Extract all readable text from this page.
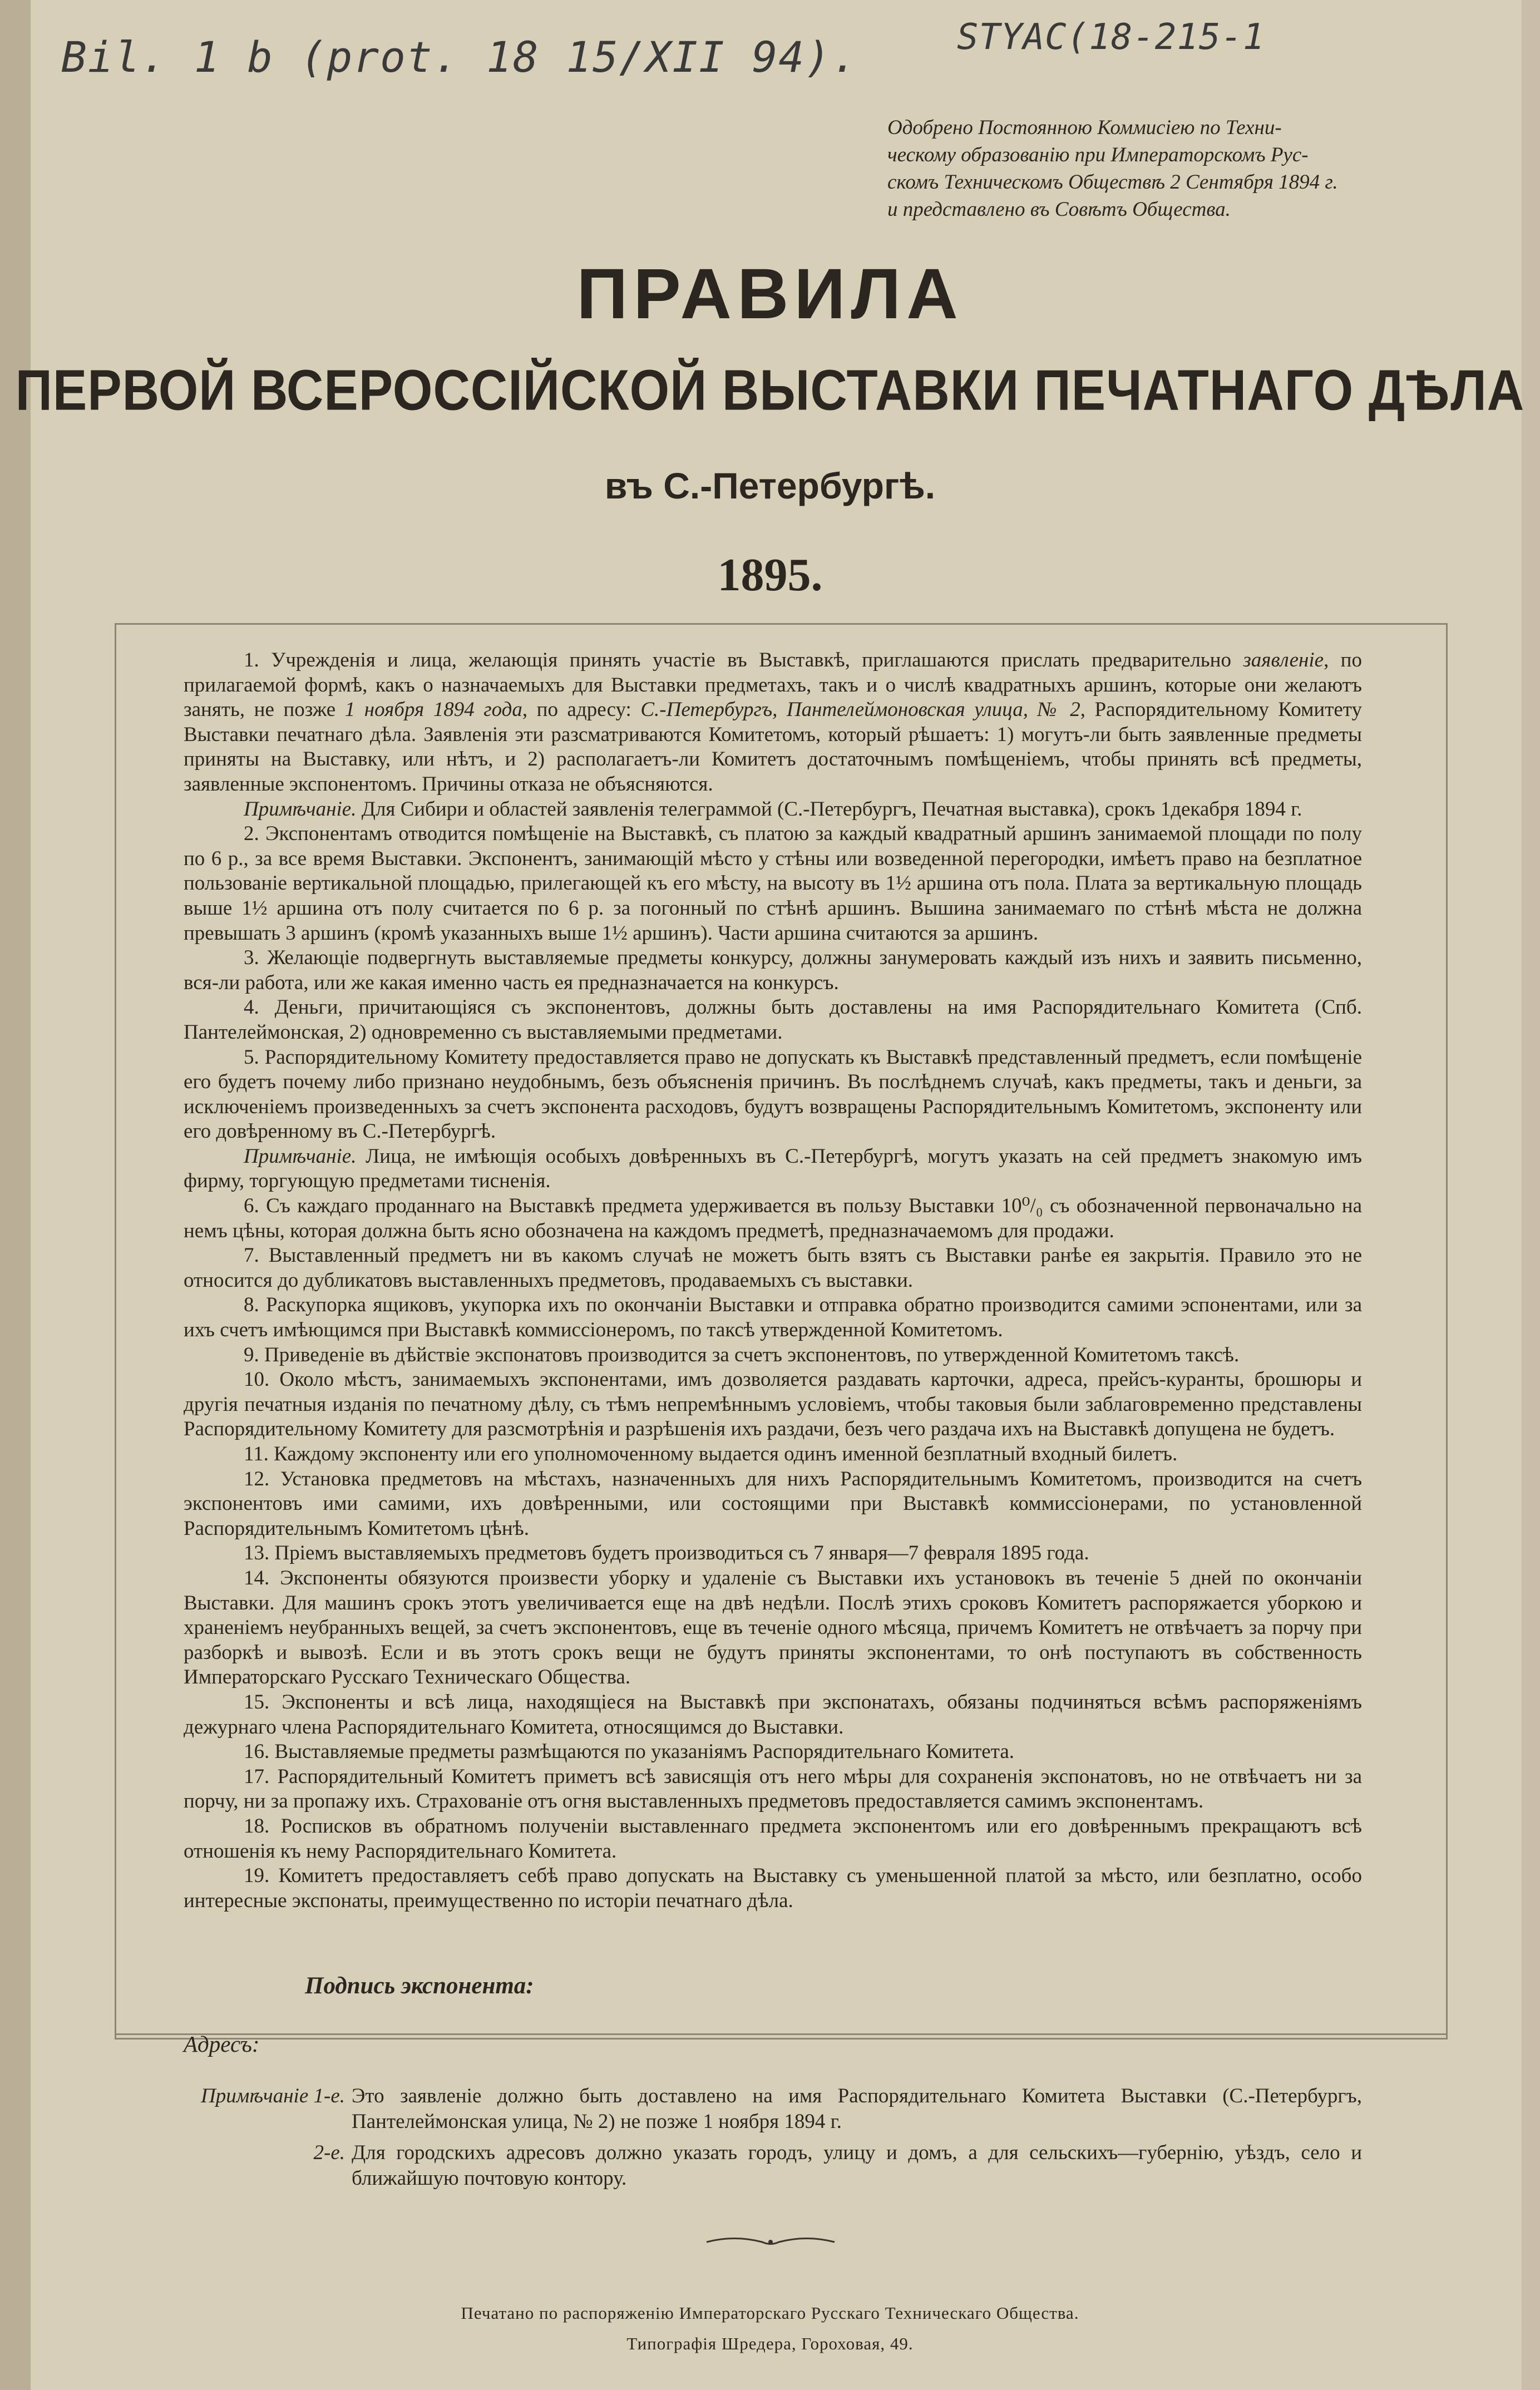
Bil. 1 b (prot. 18 15/XII 94).	STYAC(18-215-1
Одобрено Постоянною Коммисiею по Техни-
ческому образованiю при Императорскомъ Рус-
скомъ Техническомъ Обществѣ 2 Сентября 1894 г.
и представлено въ Совѣтъ Общества.
ПРАВИЛА
ПЕРВОЙ ВСЕРОССIЙСКОЙ ВЫСТАВКИ ПЕЧАТНАГО ДѢЛА
въ С.-Петербургѣ.
1895.

1. Учрежденiя и лица, желающiя принять участie въ Выставкѣ, приглашаются прислать предварительно заявленie, по прилагаемой формѣ, какъ о назначаемыхъ для Выставки предметахъ, такъ и о числѣ квадратныхъ аршинъ, которые они желаютъ занять, не позже 1 ноября 1894 года, по адресу: С.-Петербургъ, Пантелеймоновская улица, № 2, Распорядительному Комитету Выставки печатнаго дѣла. Заявленiя эти разсматриваются Комитетомъ, который рѣшаетъ: 1) могутъ-ли быть заявленные предметы приняты на Выставку, или нѣтъ, и 2) располагаетъ-ли Комитетъ достаточнымъ помѣщенiемъ, чтобы принять всѣ предметы, заявленные экспонентомъ. Причины отказа не объясняются.

Примѣчанiе. Для Сибири и областей заявленiя телеграммой (С.-Петербургъ, Печатная выставка), срокъ 1декабря 1894 г.

2. Экспонентамъ отводится помѣщенiе на Выставкѣ, съ платою за каждый квадратный аршинъ занимаемой площади по полу по 6 р., за все время Выставки. Экспонентъ, занимающiй мѣсто у стѣны или возведенной перегородки, имѣетъ право на безплатное пользованie вертикальной площадью, прилегающей къ его мѣсту, на высоту въ 1½ аршина отъ пола. Плата за вертикальную площадь выше 1½ аршина отъ полу считается по 6 р. за погонный по стѣнѣ аршинъ. Вышина занимаемаго по стѣнѣ мѣста не должна превышать 3 аршинъ (кромѣ указанныхъ выше 1½ аршинъ). Части аршина считаются за аршинъ.

3. Желающiе подвергнуть выставляемые предметы конкурсу, должны занумеровать каждый изъ нихъ и заявить письменно, вся-ли работа, или же какая именно часть ея предназначается на конкурсъ.

4. Деньги, причитающiяся съ экспонентовъ, должны быть доставлены на имя Распорядительнаго Комитета (Спб. Пантелеймонская, 2) одновременно съ выставляемыми предметами.

5. Распорядительному Комитету предоставляется право не допускать къ Выставкѣ представленный предметъ, если помѣщенie его будетъ почему либо признано неудобнымъ, безъ объясненiя причинъ. Въ послѣднемъ случаѣ, какъ предметы, такъ и деньги, за исключенiемъ произведенныхъ за счетъ экспонента расходовъ, будутъ возвращены Распорядительнымъ Комитетомъ, экспоненту или его довѣренному въ С.-Петербургѣ.

Примѣчанiе. Лица, не имѣющiя особыхъ довѣренныхъ въ С.-Петербургѣ, могутъ указать на сей предметъ знакомую имъ фирму, торгующую предметами тисненiя.

6. Съ каждаго проданнаго на Выставкѣ предмета удерживается въ пользу Выставки 10⁰/₀ съ обозначенной первоначально на немъ цѣны, которая должна быть ясно обозначена на каждомъ предметѣ, предназначаемомъ для продажи.

7. Выставленный предметъ ни въ какомъ случаѣ не можетъ быть взятъ съ Выставки ранѣе ея закрытiя. Правило это не относится до дубликатовъ выставленныхъ предметовъ, продаваемыхъ съ выставки.

8. Раскупорка ящиковъ, укупорка ихъ по окончанiи Выставки и отправка обратно производится самими эспонентами, или за ихъ счетъ имѣющимся при Выставкѣ коммиссiонеромъ, по таксѣ утвержденной Комитетомъ.

9. Приведенie въ дѣйствie экспонатовъ производится за счетъ экспонентовъ, по утвержденной Комитетомъ таксѣ.

10. Около мѣстъ, занимаемыхъ экспонентами, имъ дозволяется раздавать карточки, адреса, прейсъ-куранты, брошюры и другiя печатныя изданiя по печатному дѣлу, съ тѣмъ непремѣннымъ условiемъ, чтобы таковыя были заблаговременно представлены Распорядительному Комитету для разсмотрѣнiя и разрѣшенiя ихъ раздачи, безъ чего раздача ихъ на Выставкѣ допущена не будетъ.

11. Каждому экспоненту или его уполномоченному выдается одинъ именной безплатный входный билетъ.

12. Установка предметовъ на мѣстахъ, назначенныхъ для нихъ Распорядительнымъ Комитетомъ, производится на счетъ экспонентовъ ими самими, ихъ довѣренными, или состоящими при Выставкѣ коммиссiонерами, по установленной Распорядительнымъ Комитетомъ цѣнѣ.

13. Прiемъ выставляемыхъ предметовъ будетъ производиться съ 7 января—7 февраля 1895 года.

14. Экспоненты обязуются произвести уборку и удаленie съ Выставки ихъ установокъ въ теченie 5 дней по окончанiи Выставки. Для машинъ срокъ этотъ увеличивается еще на двѣ недѣли. Послѣ этихъ сроковъ Комитетъ распоряжается уборкою и храненiемъ неубранныхъ вещей, за счетъ экспонентовъ, еще въ теченie одного мѣсяца, причемъ Комитетъ не отвѣчаетъ за порчу при разборкѣ и вывозѣ. Если и въ этотъ срокъ вещи не будутъ приняты экспонентами, то онѣ поступаютъ въ собственность Императорскаго Русскаго Техническаго Общества.

15. Экспоненты и всѣ лица, находящiеся на Выставкѣ при экспонатахъ, обязаны подчиняться всѣмъ распоряженiямъ дежурнаго члена Распорядительнаго Комитета, относящимся до Выставки.

16. Выставляемые предметы размѣщаются по указанiямъ Распорядительнаго Комитета.

17. Распорядительный Комитетъ приметъ всѣ зависящiя отъ него мѣры для сохраненiя экспонатовъ, но не отвѣчаетъ ни за порчу, ни за пропажу ихъ. Страхованie отъ огня выставленныхъ предметовъ предоставляется самимъ экспонентамъ.

18. Росписков въ обратномъ полученiи выставленнаго предмета экспонентомъ или его довѣреннымъ прекращаютъ всѣ отношенiя къ нему Распорядительнаго Комитета.

19. Комитетъ предоставляетъ себѣ право допускать на Выставку съ уменьшенной платой за мѣсто, или безплатно, особо интересные экспонаты, преимущественно по исторiи печатнаго дѣла.

Подпись экспонента:
Адресъ:
Примѣчанiе 1-е. Это заявленie должно быть доставлено на имя Распорядительнаго Комитета Выставки (С.-Петербургъ, Пантелеймонская улица, № 2) не позже 1 ноября 1894 г.
2-е. Для городскихъ адресовъ должно указать городъ, улицу и домъ, а для сельскихъ—губернiю, уѣздъ, село и ближайшую почтовую контору.
Печатано по распоряженiю Императорскаго Русскаго Техническаго Общества.
Типографiя Шредера, Гороховая, 49.
